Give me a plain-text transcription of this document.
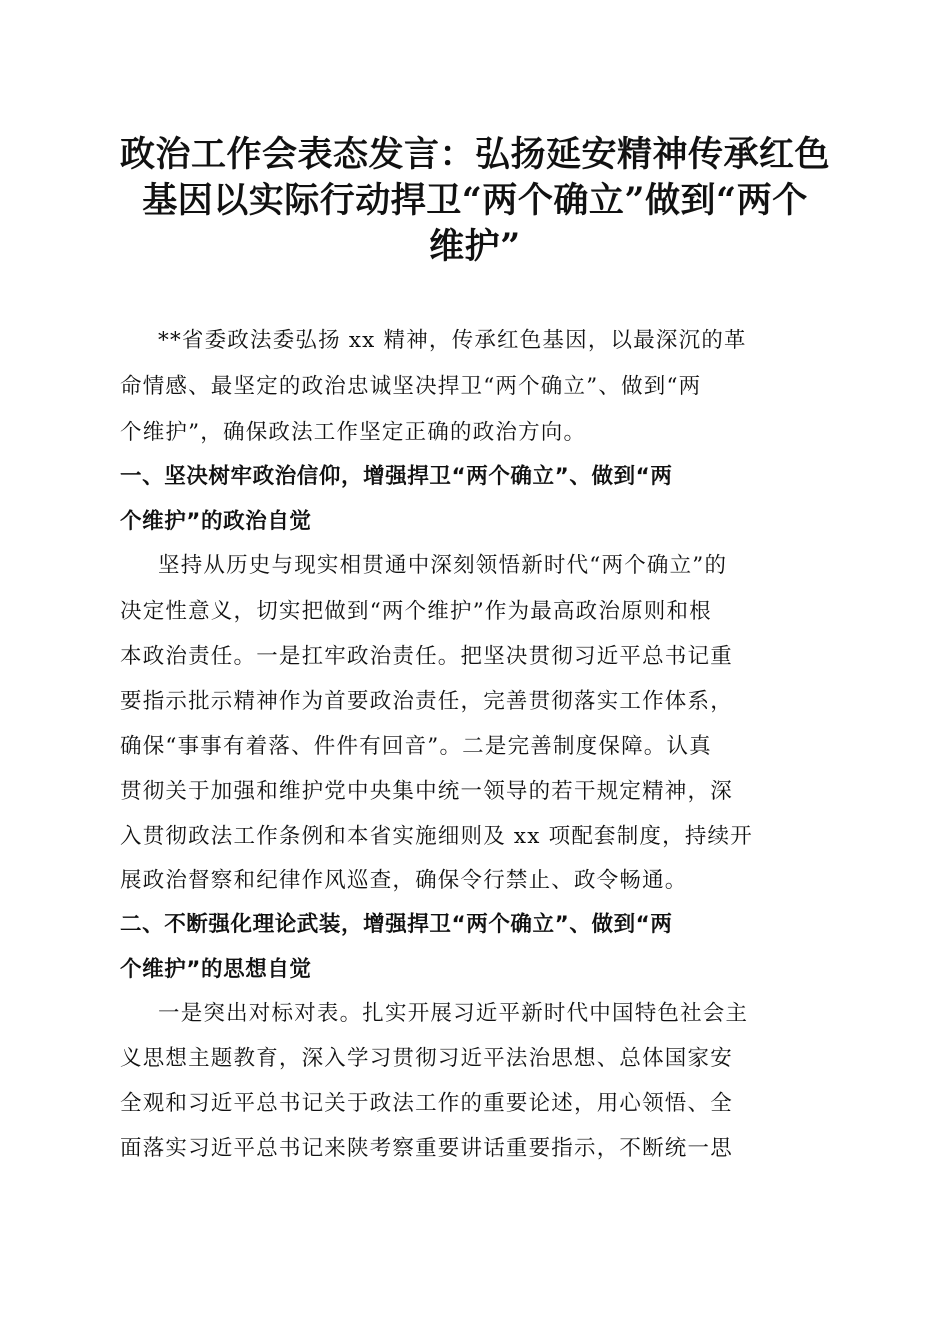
政治工作会表态发言：弘扬延安精神传承红色
基因以实际行动捍卫“两个确立”做到“两个
维护”

**省委政法委弘扬 xx 精神，传承红色基因，以最深沉的革

命情感、最坚定的政治忠诚坚决捍卫“两个确立”、做到“两

个维护”，确保政法工作坚定正确的政治方向。

一、坚决树牢政治信仰，增强捍卫“两个确立”、做到“两

个维护”的政治自觉

坚持从历史与现实相贯通中深刻领悟新时代“两个确立”的

决定性意义，切实把做到“两个维护”作为最高政治原则和根

本政治责任。一是扛牢政治责任。把坚决贯彻习近平总书记重

要指示批示精神作为首要政治责任，完善贯彻落实工作体系，

确保“事事有着落、件件有回音”。二是完善制度保障。认真

贯彻关于加强和维护党中央集中统一领导的若干规定精神，深

入贯彻政法工作条例和本省实施细则及 xx 项配套制度，持续开

展政治督察和纪律作风巡查，确保令行禁止、政令畅通。

二、不断强化理论武装，增强捍卫“两个确立”、做到“两

个维护”的思想自觉

一是突出对标对表。扎实开展习近平新时代中国特色社会主

义思想主题教育，深入学习贯彻习近平法治思想、总体国家安

全观和习近平总书记关于政法工作的重要论述，用心领悟、全

面落实习近平总书记来陕考察重要讲话重要指示，不断统一思
